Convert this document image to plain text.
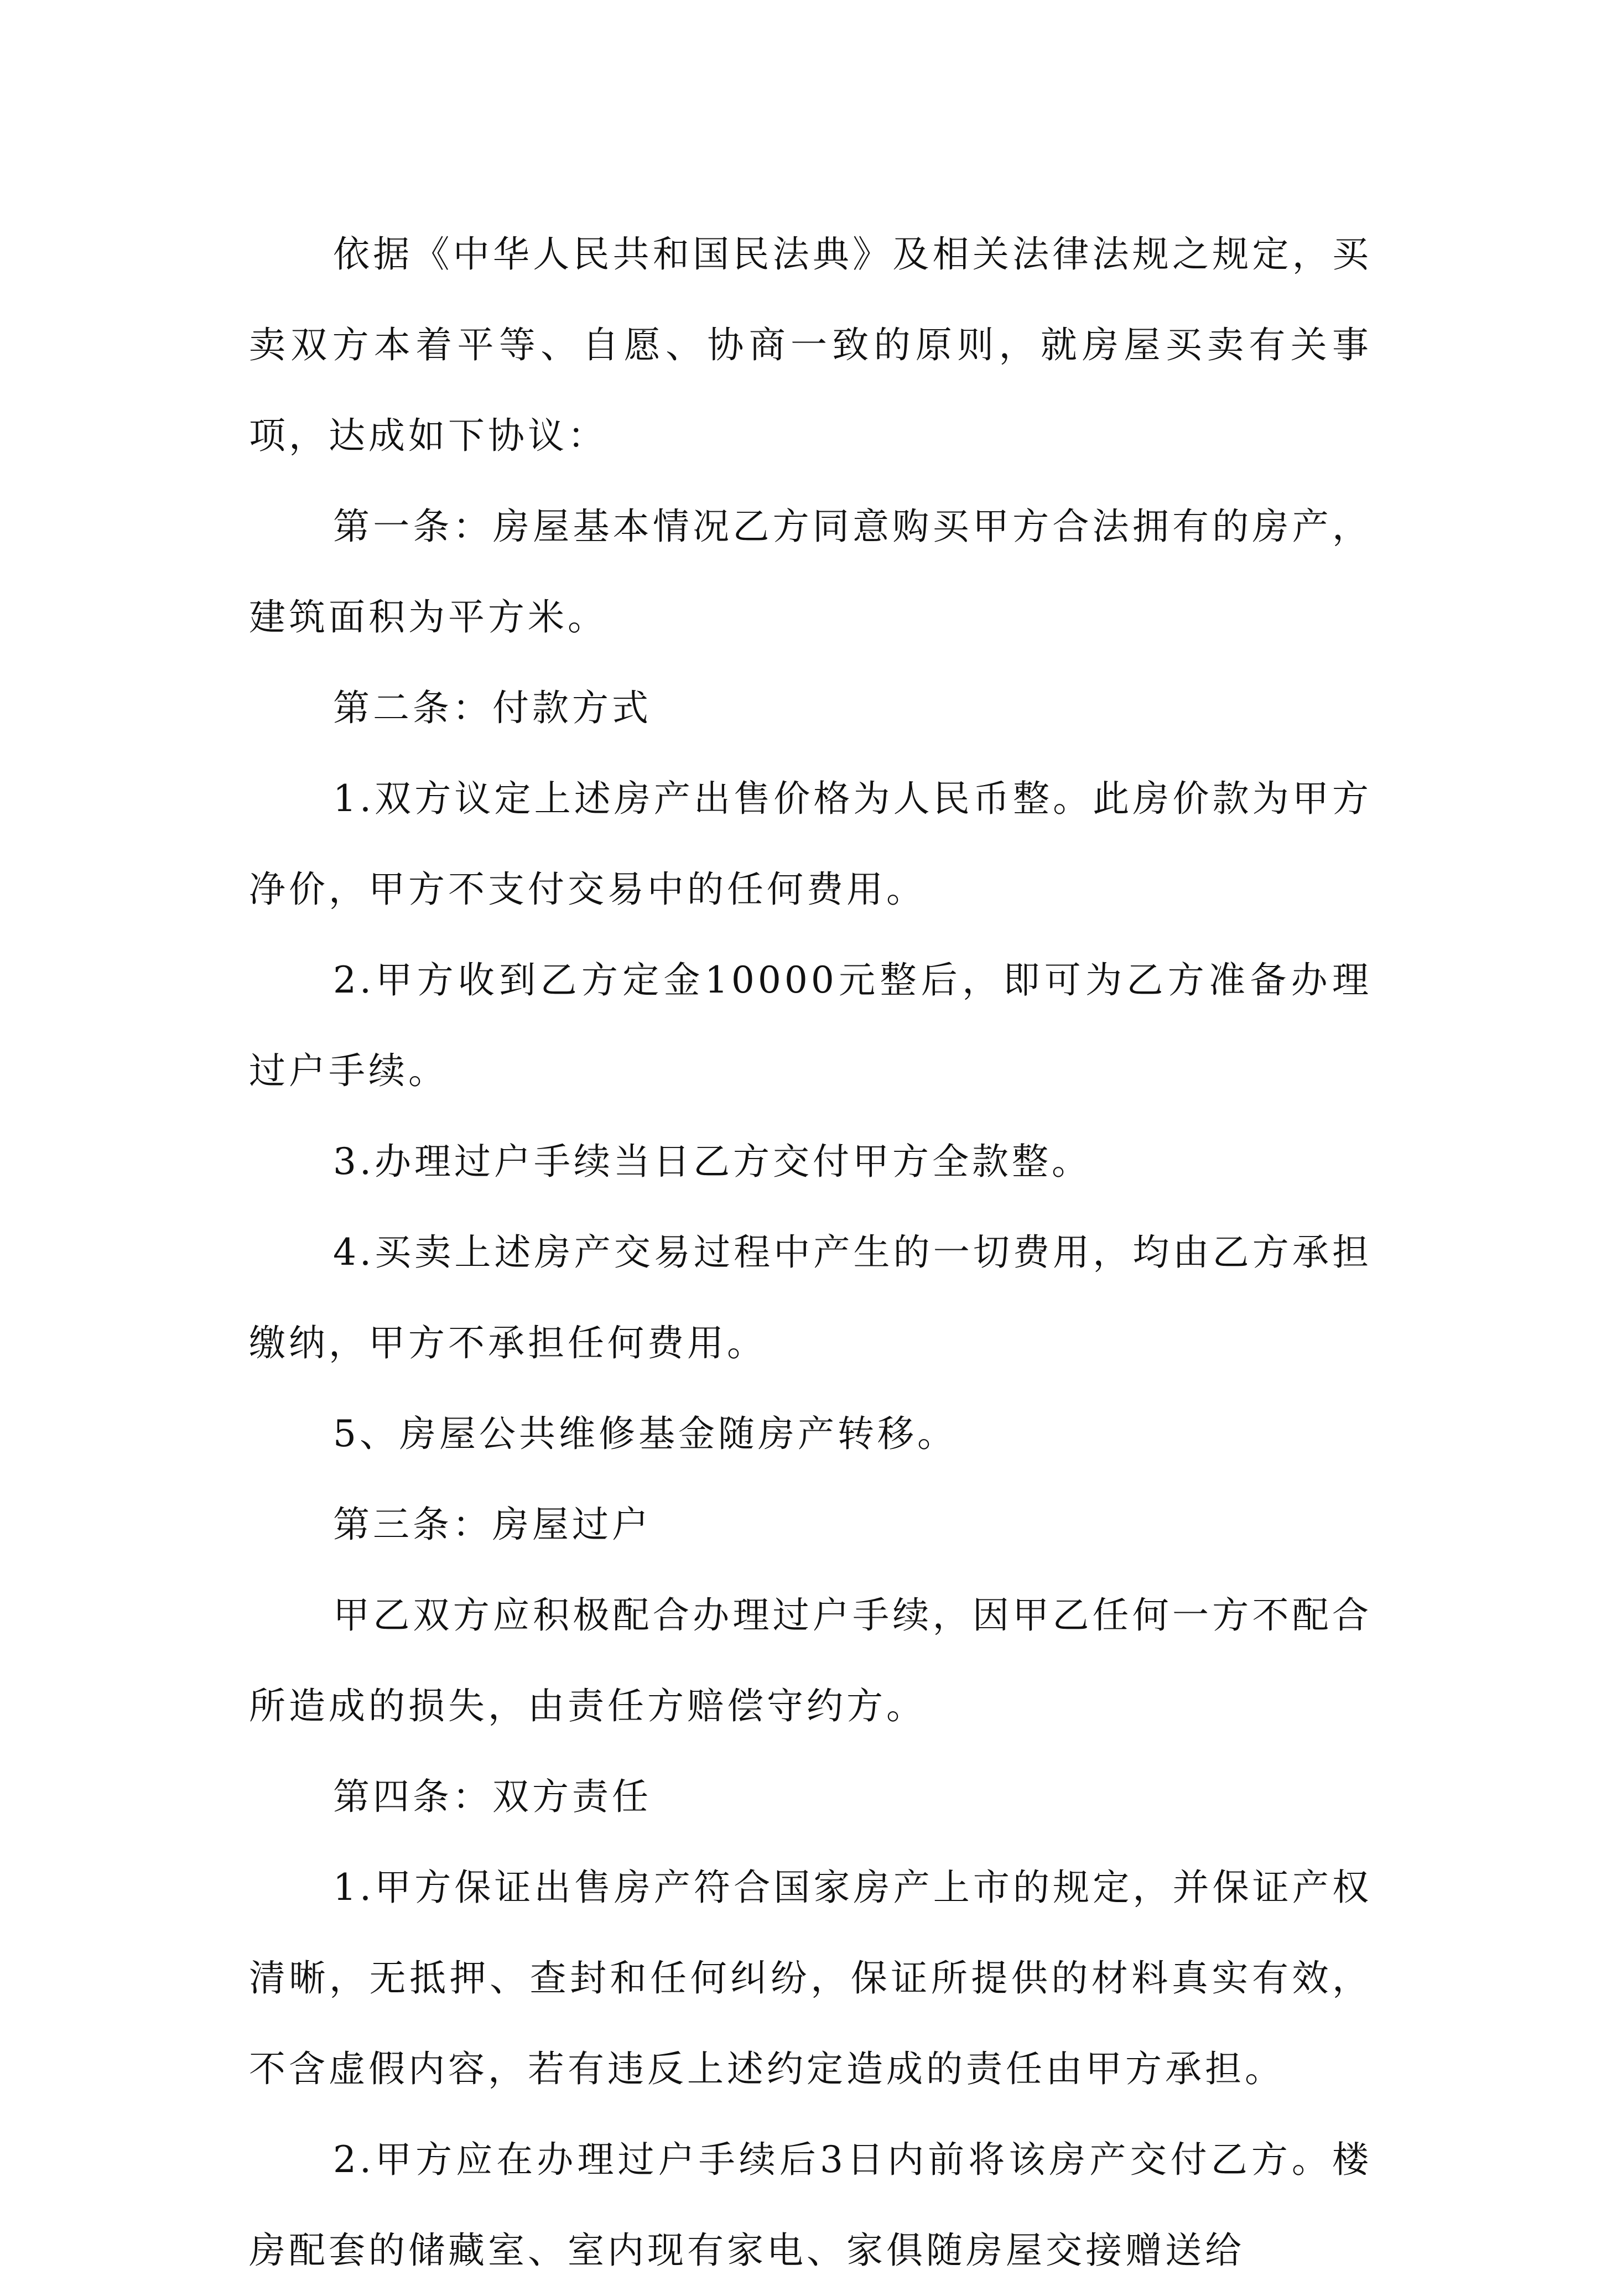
依据《中华人民共和国民法典》及相关法律法规之规定，买卖双方本着平等、自愿、协商一致的原则，就房屋买卖有关事项，达成如下协议：

第一条：房屋基本情况乙方同意购买甲方合法拥有的房产，建筑面积为平方米。

第二条：付款方式

1.双方议定上述房产出售价格为人民币整。此房价款为甲方净价，甲方不支付交易中的任何费用。

2.甲方收到乙方定金10000元整后，即可为乙方准备办理过户手续。

3.办理过户手续当日乙方交付甲方全款整。

4.买卖上述房产交易过程中产生的一切费用，均由乙方承担缴纳，甲方不承担任何费用。

5、房屋公共维修基金随房产转移。

第三条：房屋过户

甲乙双方应积极配合办理过户手续，因甲乙任何一方不配合所造成的损失，由责任方赔偿守约方。

第四条：双方责任

1.甲方保证出售房产符合国家房产上市的规定，并保证产权清晰，无抵押、查封和任何纠纷，保证所提供的材料真实有效，不含虚假内容，若有违反上述约定造成的责任由甲方承担。

2.甲方应在办理过户手续后3日内前将该房产交付乙方。楼房配套的储藏室、室内现有家电、家俱随房屋交接赠送给
